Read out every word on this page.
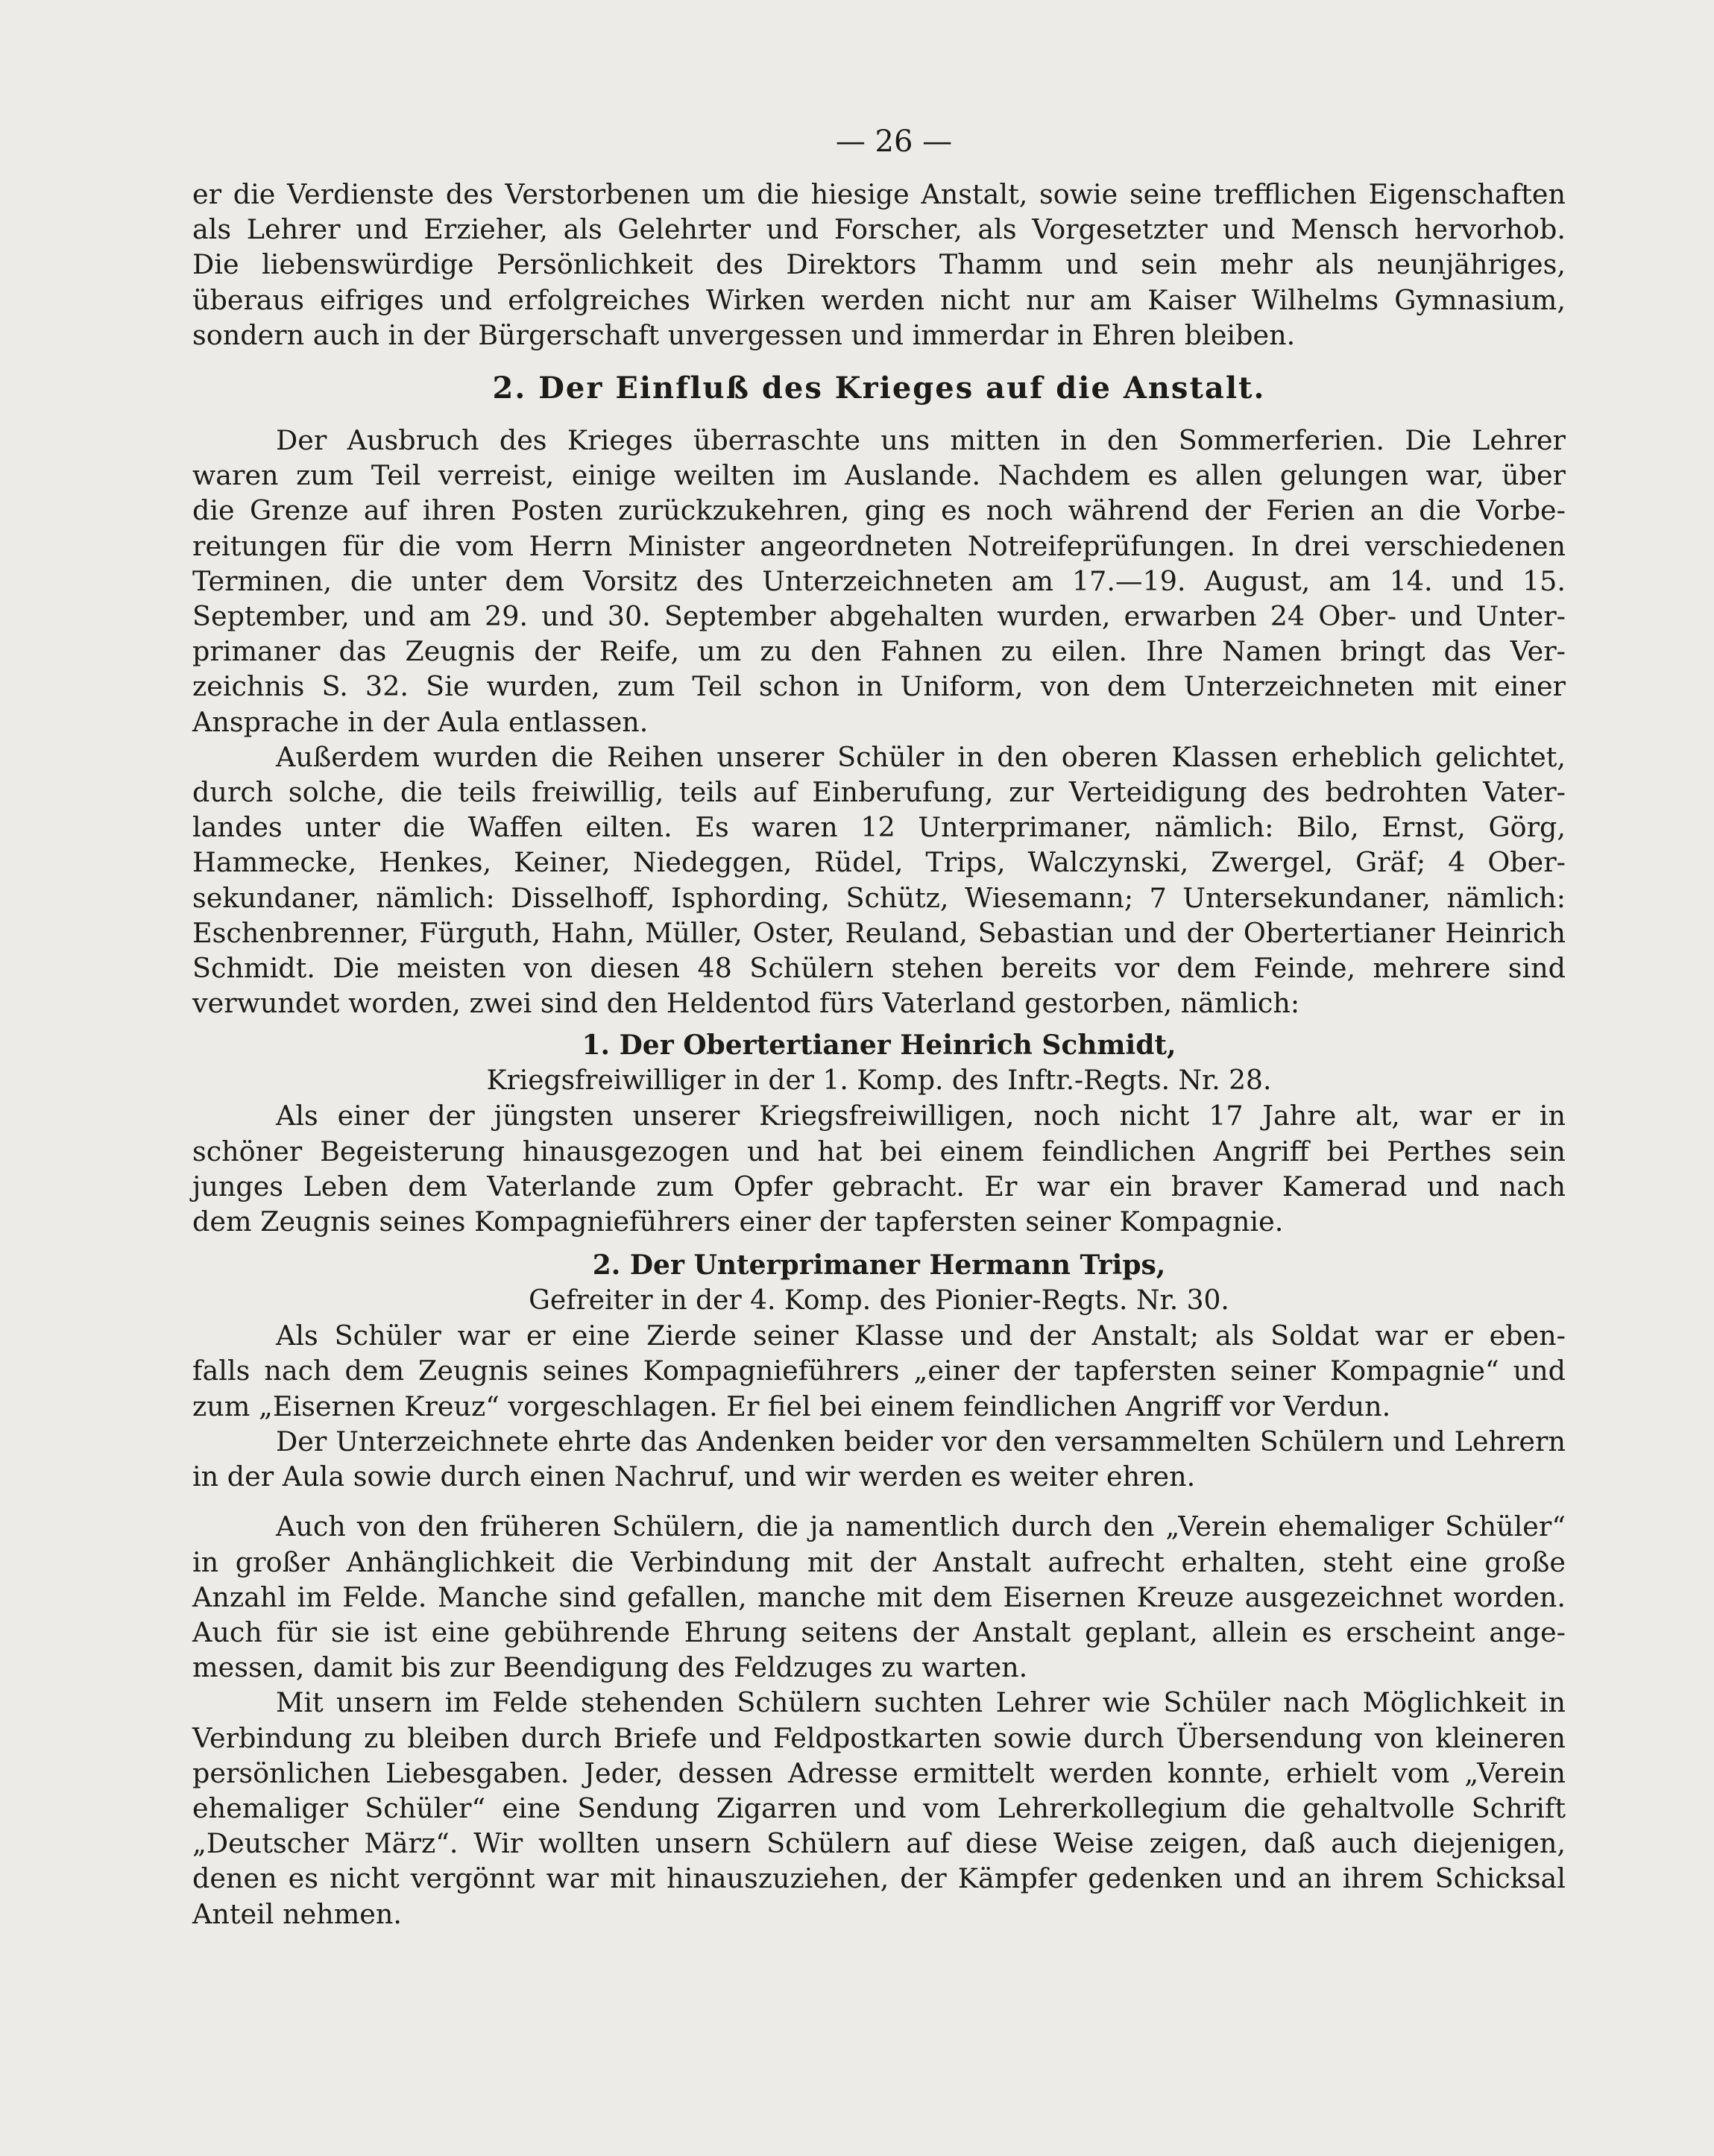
— 26 —
er die Verdienste des Verstorbenen um die hiesige Anstalt, sowie seine trefflichen Eigenschaften
als Lehrer und Erzieher, als Gelehrter und Forscher, als Vorgesetzter und Mensch hervorhob.
Die liebenswürdige Persönlichkeit des Direktors Thamm und sein mehr als neunjähriges,
überaus eifriges und erfolgreiches Wirken werden nicht nur am Kaiser Wilhelms Gymnasium,
sondern auch in der Bürgerschaft unvergessen und immerdar in Ehren bleiben.
2. Der Einfluß des Krieges auf die Anstalt.
Der Ausbruch des Krieges überraschte uns mitten in den Sommerferien. Die Lehrer
waren zum Teil verreist, einige weilten im Auslande. Nachdem es allen gelungen war, über
die Grenze auf ihren Posten zurückzukehren, ging es noch während der Ferien an die Vorbe-
reitungen für die vom Herrn Minister angeordneten Notreifeprüfungen. In drei verschiedenen
Terminen, die unter dem Vorsitz des Unterzeichneten am 17.—19. August, am 14. und 15.
September, und am 29. und 30. September abgehalten wurden, erwarben 24 Ober- und Unter-
primaner das Zeugnis der Reife, um zu den Fahnen zu eilen. Ihre Namen bringt das Ver-
zeichnis S. 32. Sie wurden, zum Teil schon in Uniform, von dem Unterzeichneten mit einer
Ansprache in der Aula entlassen.
Außerdem wurden die Reihen unserer Schüler in den oberen Klassen erheblich gelichtet,
durch solche, die teils freiwillig, teils auf Einberufung, zur Verteidigung des bedrohten Vater-
landes unter die Waffen eilten. Es waren 12 Unterprimaner, nämlich: Bilo, Ernst, Görg,
Hammecke, Henkes, Keiner, Niedeggen, Rüdel, Trips, Walczynski, Zwergel, Gräf; 4 Ober-
sekundaner, nämlich: Disselhoff, Isphording, Schütz, Wiesemann; 7 Untersekundaner, nämlich:
Eschenbrenner, Fürguth, Hahn, Müller, Oster, Reuland, Sebastian und der Obertertianer Heinrich
Schmidt. Die meisten von diesen 48 Schülern stehen bereits vor dem Feinde, mehrere sind
verwundet worden, zwei sind den Heldentod fürs Vaterland gestorben, nämlich:
1. Der Obertertianer Heinrich Schmidt,
Kriegsfreiwilliger in der 1. Komp. des Inftr.-Regts. Nr. 28.
Als einer der jüngsten unserer Kriegsfreiwilligen, noch nicht 17 Jahre alt, war er in
schöner Begeisterung hinausgezogen und hat bei einem feindlichen Angriff bei Perthes sein
junges Leben dem Vaterlande zum Opfer gebracht. Er war ein braver Kamerad und nach
dem Zeugnis seines Kompagnieführers einer der tapfersten seiner Kompagnie.
2. Der Unterprimaner Hermann Trips,
Gefreiter in der 4. Komp. des Pionier-Regts. Nr. 30.
Als Schüler war er eine Zierde seiner Klasse und der Anstalt; als Soldat war er eben-
falls nach dem Zeugnis seines Kompagnieführers „einer der tapfersten seiner Kompagnie“ und
zum „Eisernen Kreuz“ vorgeschlagen. Er fiel bei einem feindlichen Angriff vor Verdun.
Der Unterzeichnete ehrte das Andenken beider vor den versammelten Schülern und Lehrern
in der Aula sowie durch einen Nachruf, und wir werden es weiter ehren.
Auch von den früheren Schülern, die ja namentlich durch den „Verein ehemaliger Schüler“
in großer Anhänglichkeit die Verbindung mit der Anstalt aufrecht erhalten, steht eine große
Anzahl im Felde. Manche sind gefallen, manche mit dem Eisernen Kreuze ausgezeichnet worden.
Auch für sie ist eine gebührende Ehrung seitens der Anstalt geplant, allein es erscheint ange-
messen, damit bis zur Beendigung des Feldzuges zu warten.
Mit unsern im Felde stehenden Schülern suchten Lehrer wie Schüler nach Möglichkeit in
Verbindung zu bleiben durch Briefe und Feldpostkarten sowie durch Übersendung von kleineren
persönlichen Liebesgaben. Jeder, dessen Adresse ermittelt werden konnte, erhielt vom „Verein
ehemaliger Schüler“ eine Sendung Zigarren und vom Lehrerkollegium die gehaltvolle Schrift
„Deutscher März“. Wir wollten unsern Schülern auf diese Weise zeigen, daß auch diejenigen,
denen es nicht vergönnt war mit hinauszuziehen, der Kämpfer gedenken und an ihrem Schicksal
Anteil nehmen.
